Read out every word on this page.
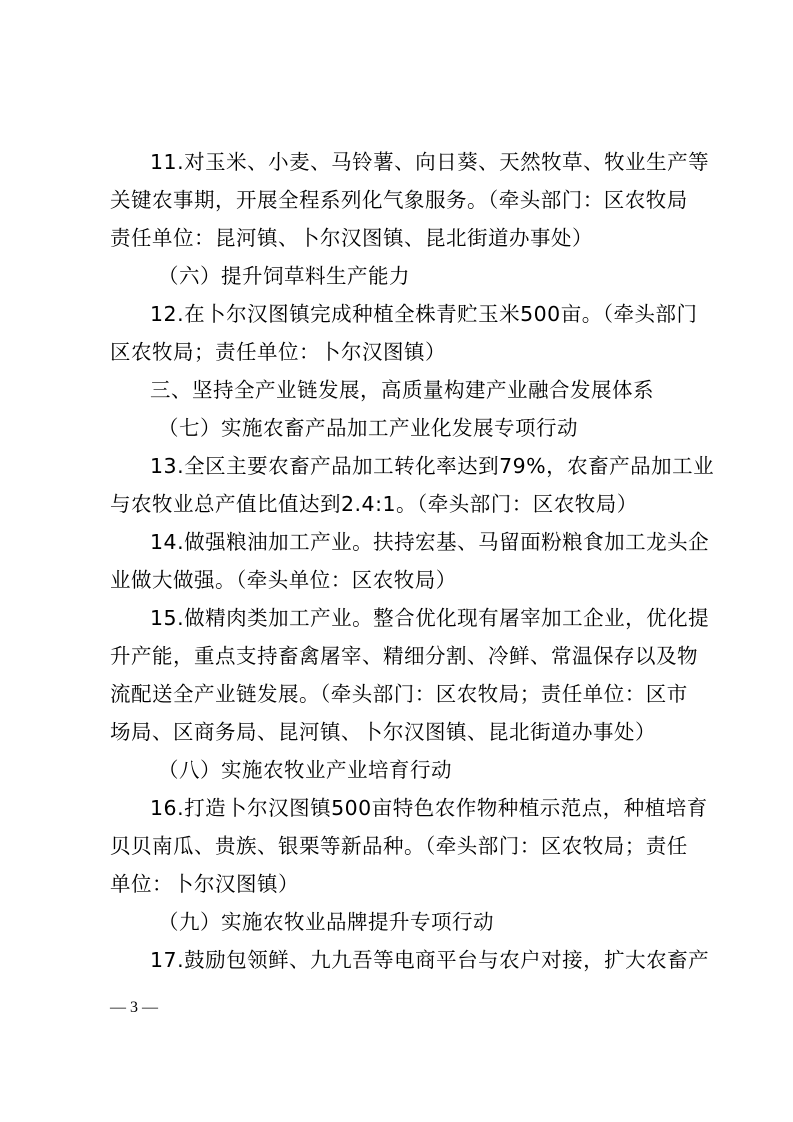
11.对玉米、小麦、马铃薯、向日葵、天然牧草、牧业生产等
关键农事期，开展全程系列化气象服务。（牵头部门：区农牧局
责任单位：昆河镇、卜尔汉图镇、昆北街道办事处）
（六）提升饲草料生产能力
12.在卜尔汉图镇完成种植全株青贮玉米500亩。（牵头部门
区农牧局；责任单位：卜尔汉图镇）
三、坚持全产业链发展，高质量构建产业融合发展体系
（七）实施农畜产品加工产业化发展专项行动
13.全区主要农畜产品加工转化率达到79%，农畜产品加工业
与农牧业总产值比值达到2.4:1。（牵头部门：区农牧局）
14.做强粮油加工产业。扶持宏基、马留面粉粮食加工龙头企
业做大做强。（牵头单位：区农牧局）
15.做精肉类加工产业。整合优化现有屠宰加工企业，优化提
升产能，重点支持畜禽屠宰、精细分割、冷鲜、常温保存以及物
流配送全产业链发展。（牵头部门：区农牧局；责任单位：区市
场局、区商务局、昆河镇、卜尔汉图镇、昆北街道办事处）
（八）实施农牧业产业培育行动
16.打造卜尔汉图镇500亩特色农作物种植示范点，种植培育
贝贝南瓜、贵族、银栗等新品种。（牵头部门：区农牧局；责任
单位：卜尔汉图镇）
（九）实施农牧业品牌提升专项行动
17.鼓励包领鲜、九九吾等电商平台与农户对接，扩大农畜产
— 3 —
